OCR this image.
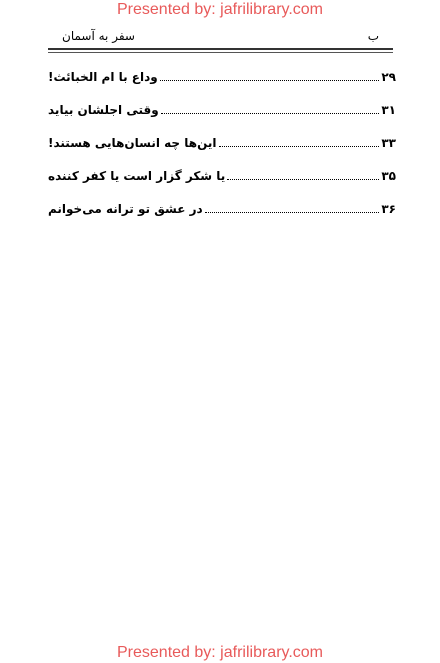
Presented by: jafrilibrary.com
سفر به آسمان	ب
وداع با ام الخبائث!	۲۹
وقتی اجلشان بیاید	۳۱
این‌ها چه انسان‌هایی هستند!	۳۳
یا شکر گزار است یا کفر کننده	۳۵
در عشق تو ترانه می‌خوانم	۳۶
Presented by: jafrilibrary.com
